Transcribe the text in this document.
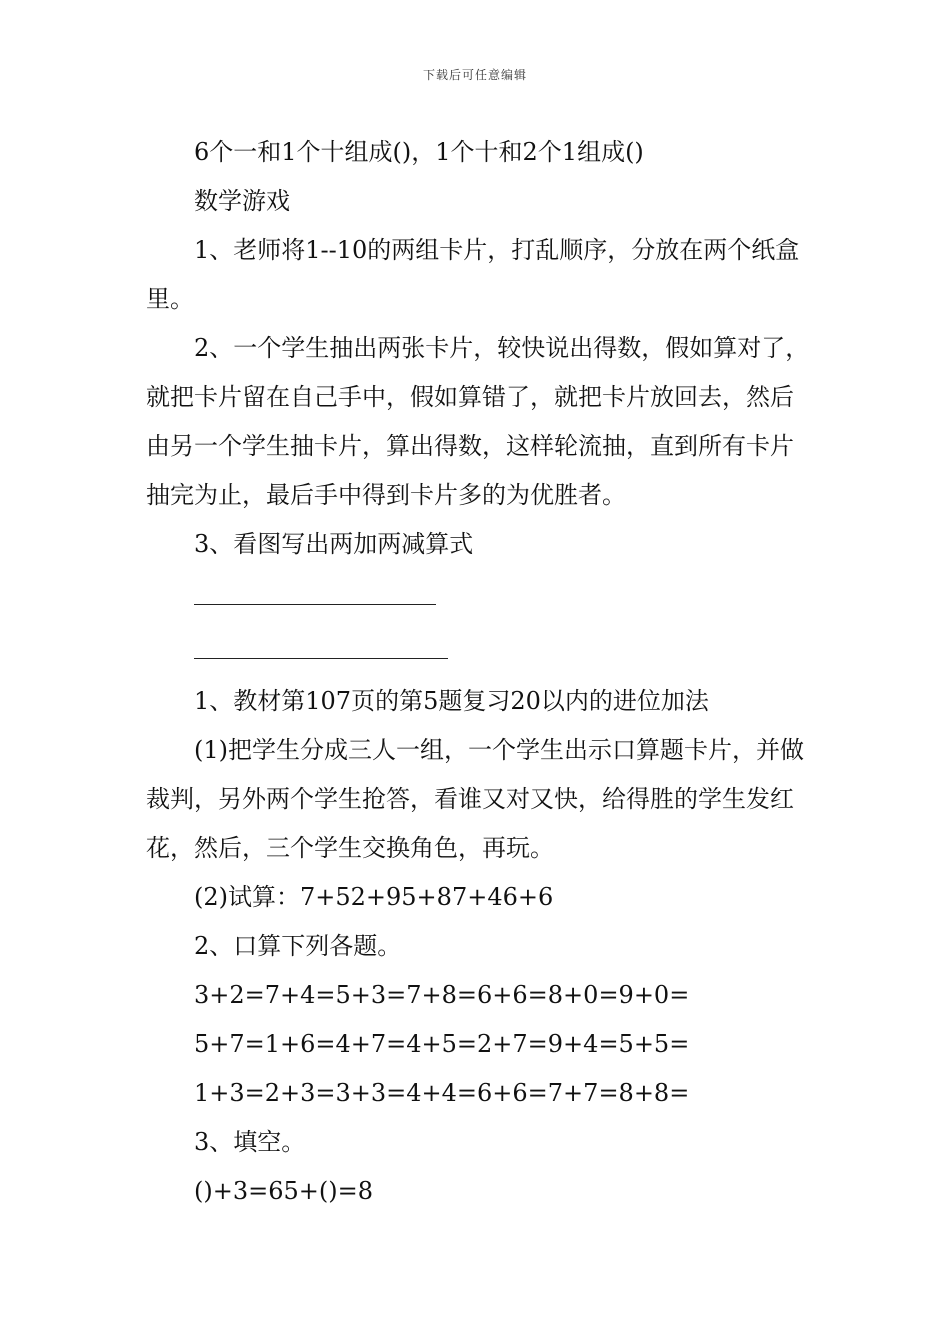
下载后可任意编辑

6个一和1个十组成()，1个十和2个1组成()

数学游戏

1、老师将1--10的两组卡片，打乱顺序，分放在两个纸盒里。

2、一个学生抽出两张卡片，较快说出得数，假如算对了，就把卡片留在自己手中，假如算错了，就把卡片放回去，然后由另一个学生抽卡片，算出得数，这样轮流抽，直到所有卡片抽完为止，最后手中得到卡片多的为优胜者。

3、看图写出两加两减算式

1、教材第107页的第5题复习20以内的进位加法

(1)把学生分成三人一组，一个学生出示口算题卡片，并做裁判，另外两个学生抢答，看谁又对又快，给得胜的学生发红花，然后，三个学生交换角色，再玩。

(2)试算：7+52+95+87+46+6

2、口算下列各题。

3+2=7+4=5+3=7+8=6+6=8+0=9+0=

5+7=1+6=4+7=4+5=2+7=9+4=5+5=

1+3=2+3=3+3=4+4=6+6=7+7=8+8=

3、填空。

()+3=65+()=8
